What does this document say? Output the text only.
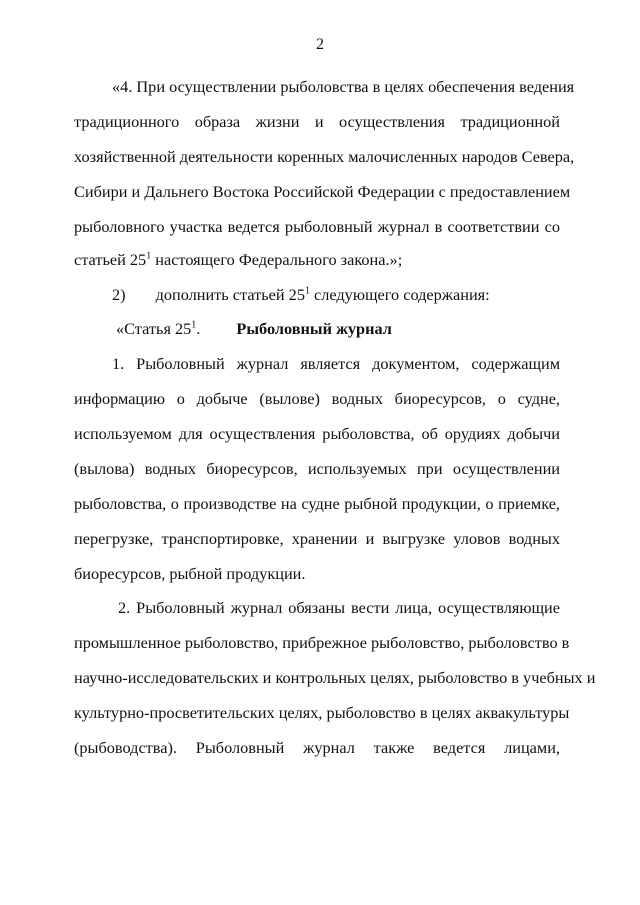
2
«4. При осуществлении рыболовства в целях обеспечения ведения
традиционного образа жизни и осуществления традиционной
хозяйственной деятельности коренных малочисленных народов Севера,
Сибири и Дальнего Востока Российской Федерации с предоставлением
рыболовного участка ведется рыболовный журнал в соответствии со
статьей $25^1$ настоящего Федерального закона.»;
2) дополнить статьей $25^1$ следующего содержания:
«Статья $25^1$. Рыболовный журнал
1. Рыболовный журнал является документом, содержащим
информацию о добыче (вылове) водных биоресурсов, о судне,
используемом для осуществления рыболовства, об орудиях добычи
(вылова) водных биоресурсов, используемых при осуществлении
рыболовства, о производстве на судне рыбной продукции, о приемке,
перегрузке, транспортировке, хранении и выгрузке уловов водных
биоресурсов, рыбной продукции.
2. Рыболовный журнал обязаны вести лица, осуществляющие
промышленное рыболовство, прибрежное рыболовство, рыболовство в
научно-исследовательских и контрольных целях, рыболовство в учебных и
культурно-просветительских целях, рыболовство в целях аквакультуры
(рыбоводства). Рыболовный журнал также ведется лицами,
